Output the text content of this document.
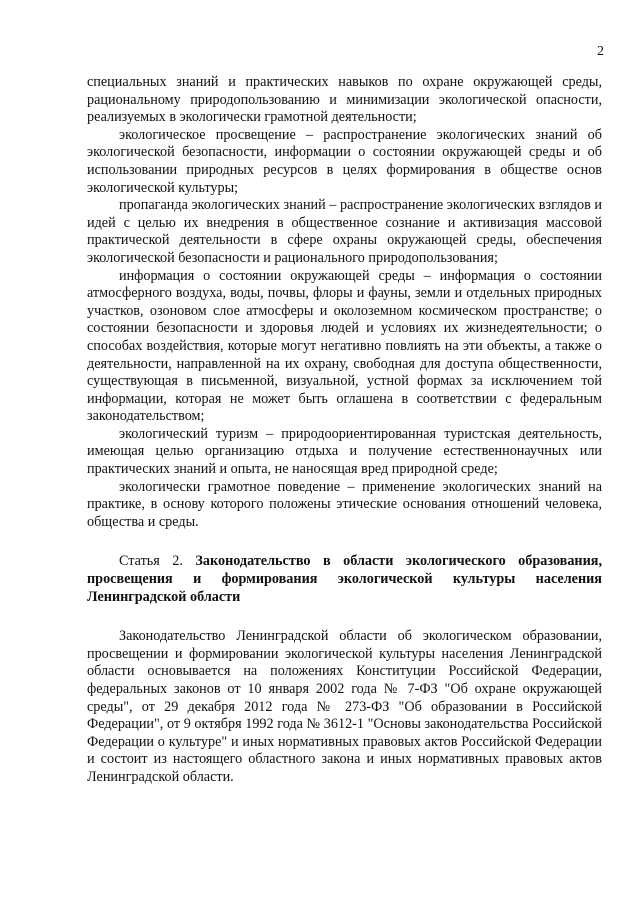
2

специальных знаний и практических навыков по охране окружающей среды, рациональному природопользованию и минимизации экологической опасности, реализуемых в экологически грамотной деятельности;

экологическое просвещение – распространение экологических знаний об экологической безопасности, информации о состоянии окружающей среды и об использовании природных ресурсов в целях формирования в обществе основ экологической культуры;

пропаганда экологических знаний – распространение экологических взглядов и идей с целью их внедрения в общественное сознание и активизация массовой практической деятельности в сфере охраны окружающей среды, обеспечения экологической безопасности и рационального природопользования;

информация о состоянии окружающей среды – информация о состоянии атмосферного воздуха, воды, почвы, флоры и фауны, земли и отдельных природных участков, озоновом слое атмосферы и околоземном космическом пространстве; о состоянии безопасности и здоровья людей и условиях их жизнедеятельности; о способах воздействия, которые могут негативно повлиять на эти объекты, а также о деятельности, направленной на их охрану, свободная для доступа общественности, существующая в письменной, визуальной, устной формах за исключением той информации, которая не может быть оглашена в соответствии с федеральным законодательством;

экологический туризм – природоориентированная туристская деятельность, имеющая целью организацию отдыха и получение естественнонаучных или практических знаний и опыта, не наносящая вред природной среде;

экологически грамотное поведение – применение экологических знаний на практике, в основу которого положены этические основания отношений человека, общества и среды.

Статья 2. Законодательство в области экологического образования, просвещения и формирования экологической культуры населения Ленинградской области

Законодательство Ленинградской области об экологическом образовании, просвещении и формировании экологической культуры населения Ленинградской области основывается на положениях Конституции Российской Федерации, федеральных законов от 10 января 2002 года № 7-ФЗ "Об охране окружающей среды", от 29 декабря 2012 года № 273-ФЗ "Об образовании в Российской Федерации", от 9 октября 1992 года № 3612-1 "Основы законодательства Российской Федерации о культуре" и иных нормативных правовых актов Российской Федерации и состоит из настоящего областного закона и иных нормативных правовых актов Ленинградской области.
